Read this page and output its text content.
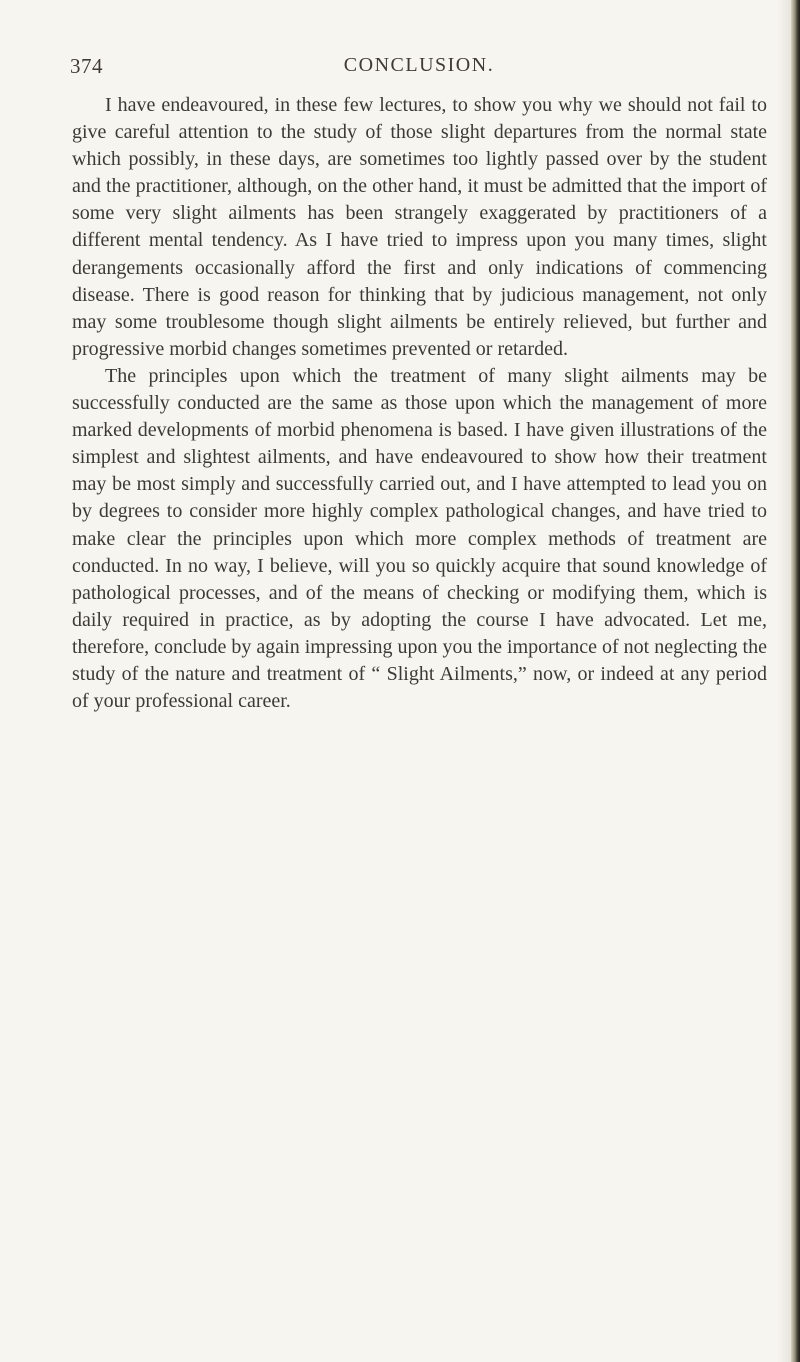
374	CONCLUSION.

I have endeavoured, in these few lectures, to show you why we should not fail to give careful attention to the study of those slight departures from the normal state which possibly, in these days, are sometimes too lightly passed over by the student and the practitioner, although, on the other hand, it must be admitted that the import of some very slight ailments has been strangely exaggerated by practitioners of a different mental tendency. As I have tried to impress upon you many times, slight derangements occasionally afford the first and only indications of commencing disease. There is good reason for thinking that by judicious management, not only may some troublesome though slight ailments be entirely relieved, but further and progressive morbid changes sometimes prevented or retarded.

The principles upon which the treatment of many slight ailments may be successfully conducted are the same as those upon which the management of more marked developments of morbid phenomena is based. I have given illustrations of the simplest and slightest ailments, and have endeavoured to show how their treatment may be most simply and successfully carried out, and I have attempted to lead you on by degrees to consider more highly complex pathological changes, and have tried to make clear the principles upon which more complex methods of treatment are conducted. In no way, I believe, will you so quickly acquire that sound knowledge of pathological processes, and of the means of checking or modifying them, which is daily required in practice, as by adopting the course I have advocated. Let me, therefore, conclude by again impressing upon you the importance of not neglecting the study of the nature and treatment of “ Slight Ailments,” now, or indeed at any period of your professional career.
